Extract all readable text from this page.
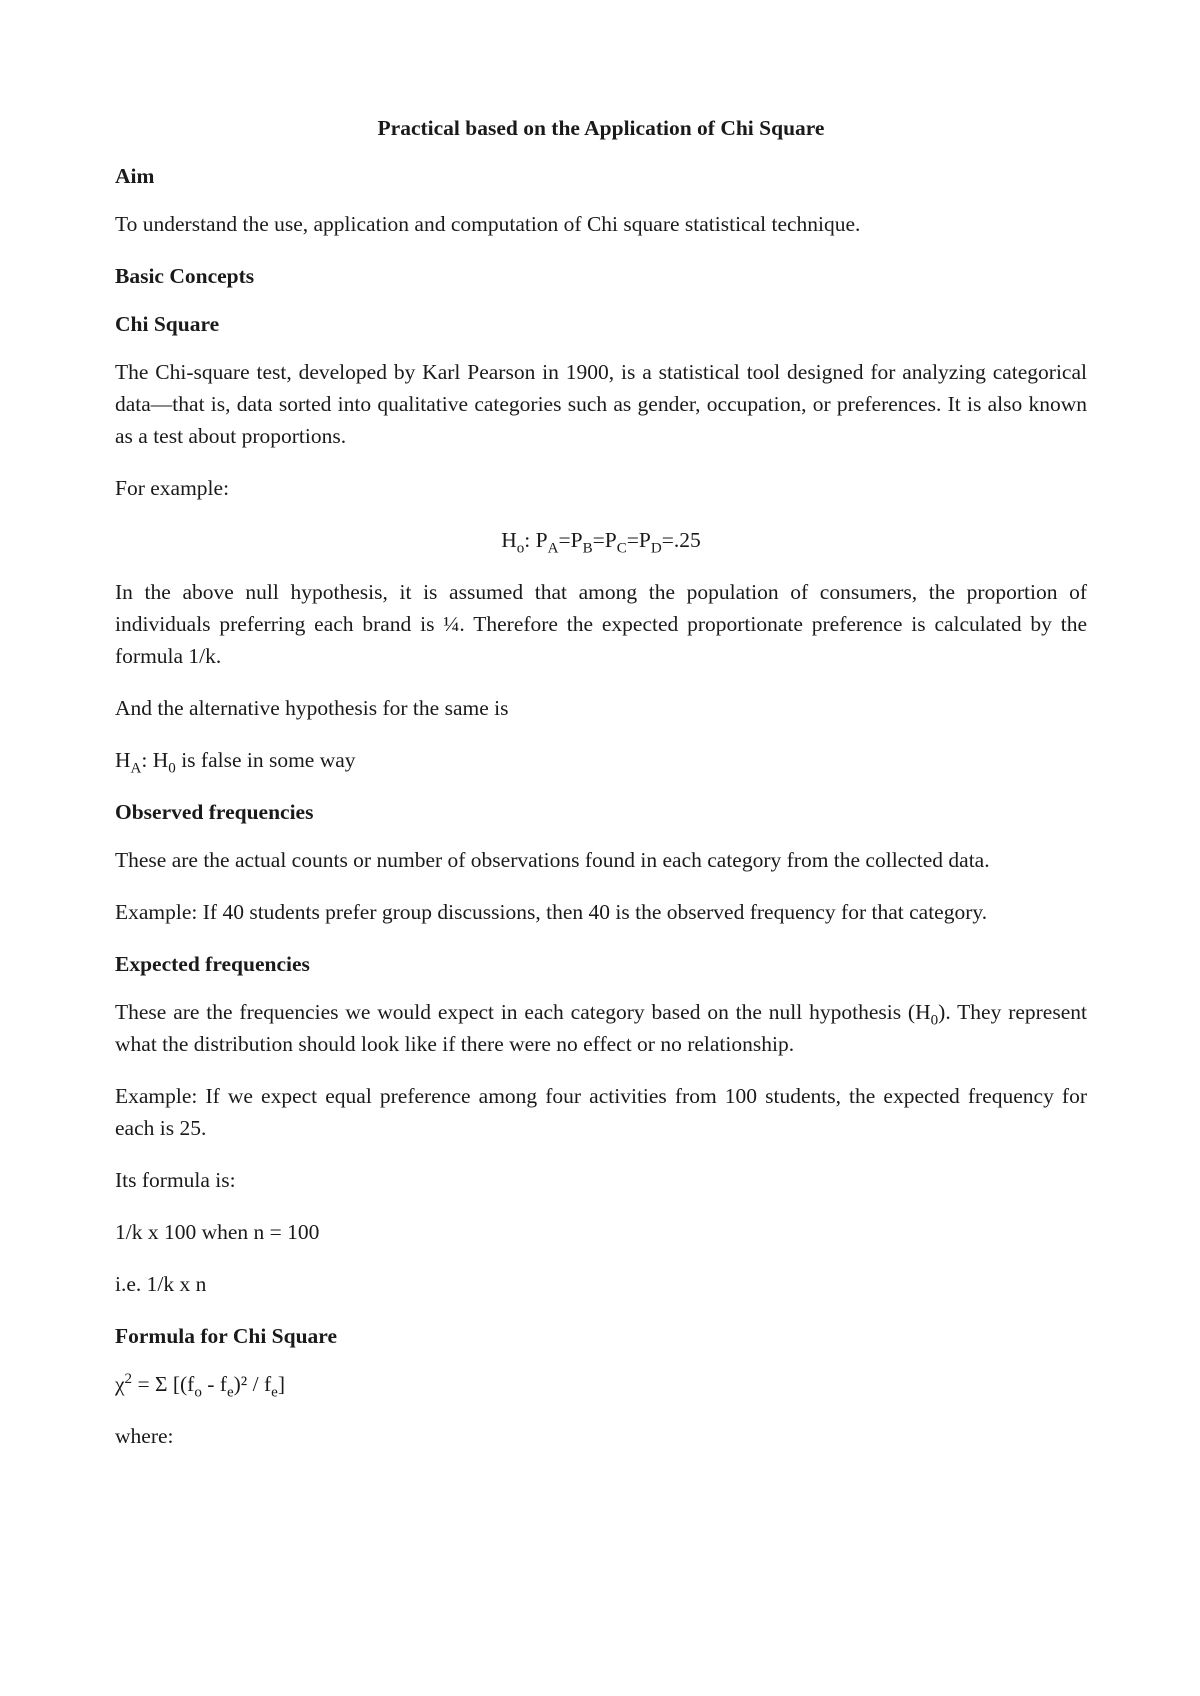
Practical based on the Application of Chi Square

Aim

To understand the use, application and computation of Chi square statistical technique.

Basic Concepts

Chi Square

The Chi-square test, developed by Karl Pearson in 1900, is a statistical tool designed for analyzing categorical data—that is, data sorted into qualitative categories such as gender, occupation, or preferences. It is also known as a test about proportions.

For example:

$H_o$: $P_A=P_B=P_C=P_D=.25$

In the above null hypothesis, it is assumed that among the population of consumers, the proportion of individuals preferring each brand is ¼. Therefore the expected proportionate preference is calculated by the formula 1/k.

And the alternative hypothesis for the same is

$H_A$: $H_0$ is false in some way

Observed frequencies

These are the actual counts or number of observations found in each category from the collected data.

Example: If 40 students prefer group discussions, then 40 is the observed frequency for that category.

Expected frequencies

These are the frequencies we would expect in each category based on the null hypothesis $(H_0)$. They represent what the distribution should look like if there were no effect or no relationship.

Example: If we expect equal preference among four activities from 100 students, the expected frequency for each is 25.

Its formula is:

1/k x 100 when n = 100

i.e. 1/k x n

Formula for Chi Square

$\chi^2 = \Sigma$ $[(f_o - f_e)^2 / f_e]$

where:
